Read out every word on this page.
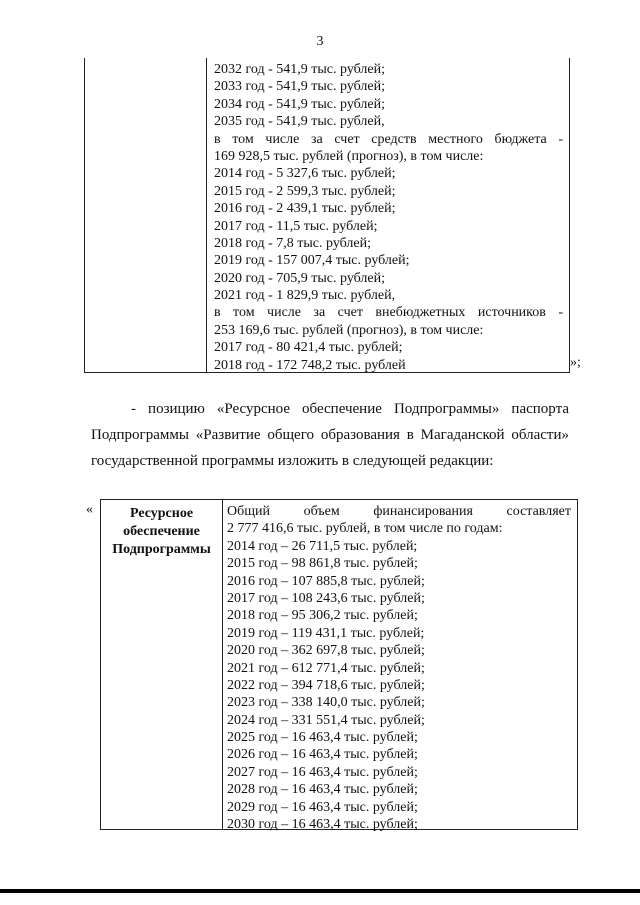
3
2032 год - 541,9 тыс. рублей;
2033 год - 541,9 тыс. рублей;
2034 год - 541,9 тыс. рублей;
2035 год - 541,9 тыс. рублей,
в том числе за счет средств местного бюджета -
169 928,5 тыс. рублей (прогноз), в том числе:
2014 год - 5 327,6 тыс. рублей;
2015 год - 2 599,3 тыс. рублей;
2016 год - 2 439,1 тыс. рублей;
2017 год - 11,5 тыс. рублей;
2018 год - 7,8 тыс. рублей;
2019 год - 157 007,4 тыс. рублей;
2020 год - 705,9 тыс. рублей;
2021 год - 1 829,9 тыс. рублей,
в том числе за счет внебюджетных источников -
253 169,6 тыс. рублей (прогноз), в том числе:
2017 год - 80 421,4 тыс. рублей;
2018 год - 172 748,2 тыс. рублей	»;
- позицию «Ресурсное обеспечение Подпрограммы» паспорта
Подпрограммы «Развитие общего образования в Магаданской области»
государственной программы изложить в следующей редакции:
«	Ресурсное
обеспечение
Подпрограммы
Общий объем финансирования составляет
2 777 416,6 тыс. рублей, в том числе по годам:
2014 год – 26 711,5 тыс. рублей;
2015 год – 98 861,8 тыс. рублей;
2016 год – 107 885,8 тыс. рублей;
2017 год – 108 243,6 тыс. рублей;
2018 год – 95 306,2 тыс. рублей;
2019 год – 119 431,1 тыс. рублей;
2020 год – 362 697,8 тыс. рублей;
2021 год – 612 771,4 тыс. рублей;
2022 год – 394 718,6 тыс. рублей;
2023 год – 338 140,0 тыс. рублей;
2024 год – 331 551,4 тыс. рублей;
2025 год – 16 463,4 тыс. рублей;
2026 год – 16 463,4 тыс. рублей;
2027 год – 16 463,4 тыс. рублей;
2028 год – 16 463,4 тыс. рублей;
2029 год – 16 463,4 тыс. рублей;
2030 год – 16 463,4 тыс. рублей;
